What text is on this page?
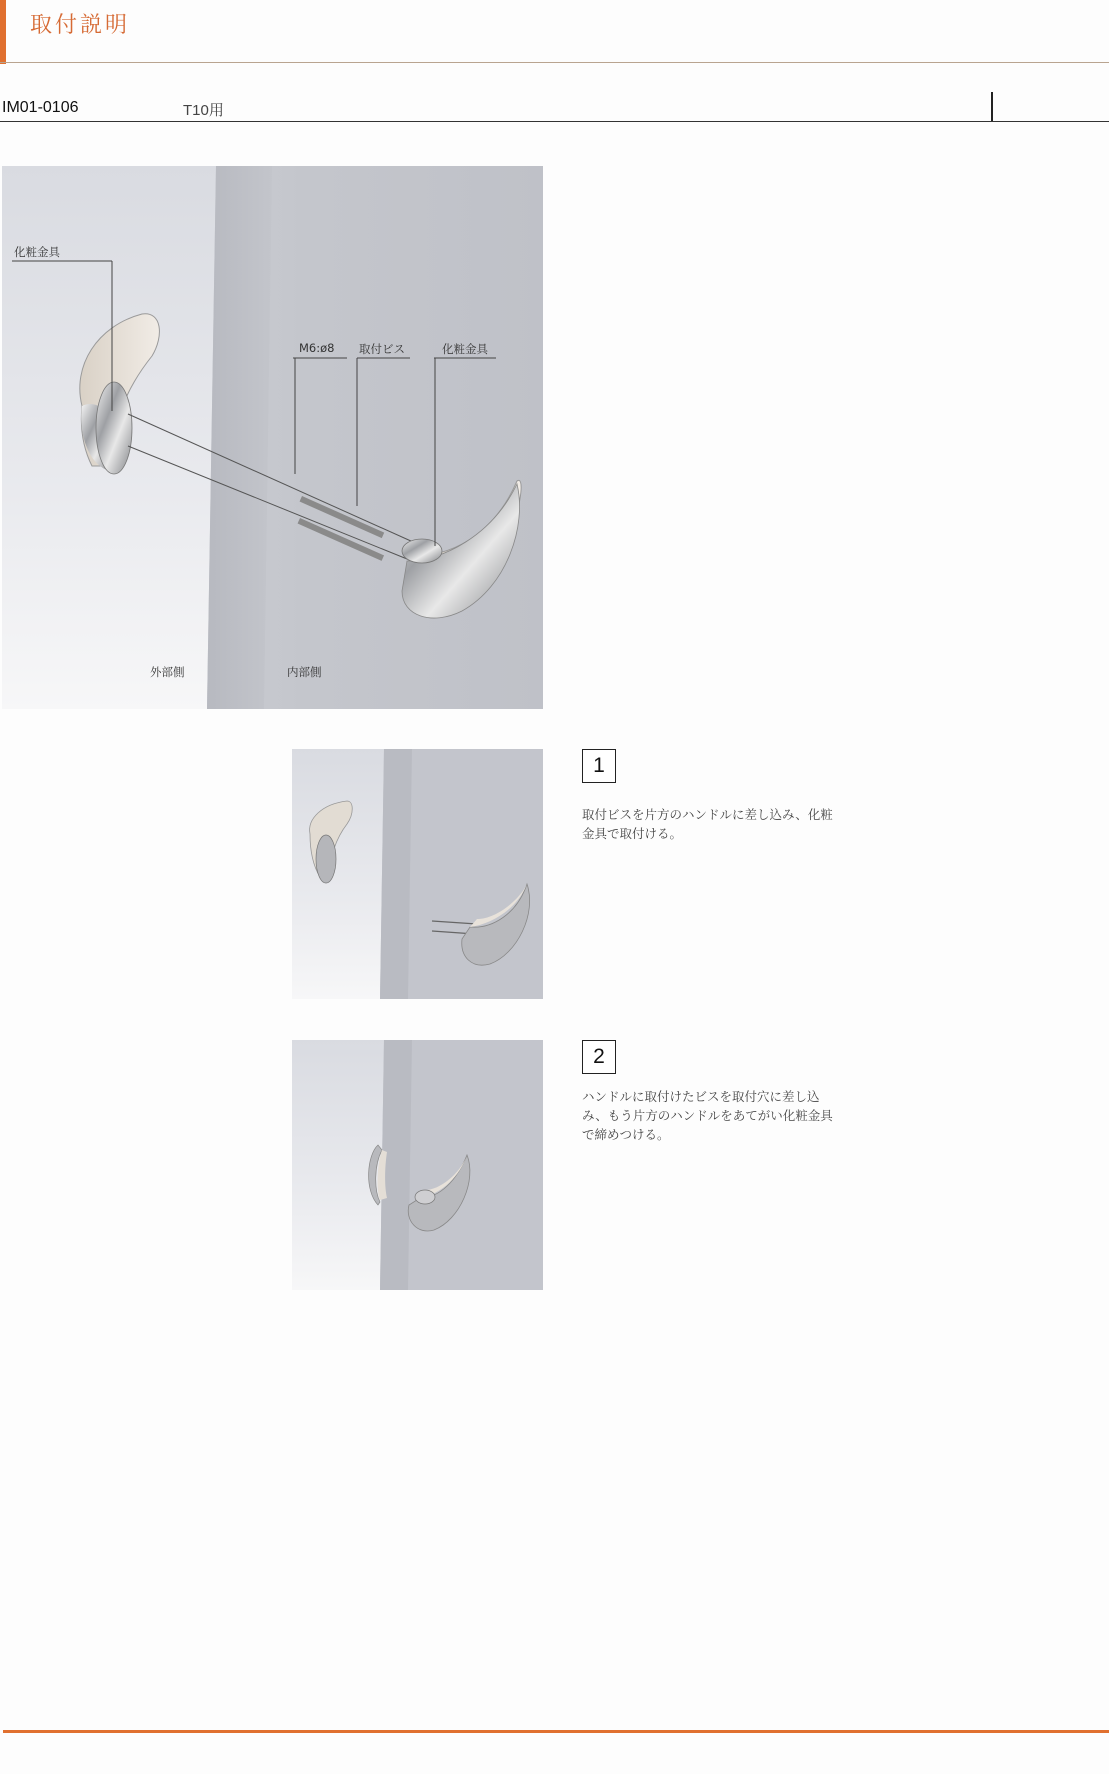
取付説明
IM01-0106	T10用
化粧金具
M6:ø8 取付ビス	化粧金具
外部側	内部側
1
取付ビスを片方のハンドルに差し込み、化粧金具で取付ける。
2
ハンドルに取付けたビスを取付穴に差し込み、もう片方のハンドルをあてがい化粧金具で締めつける。
